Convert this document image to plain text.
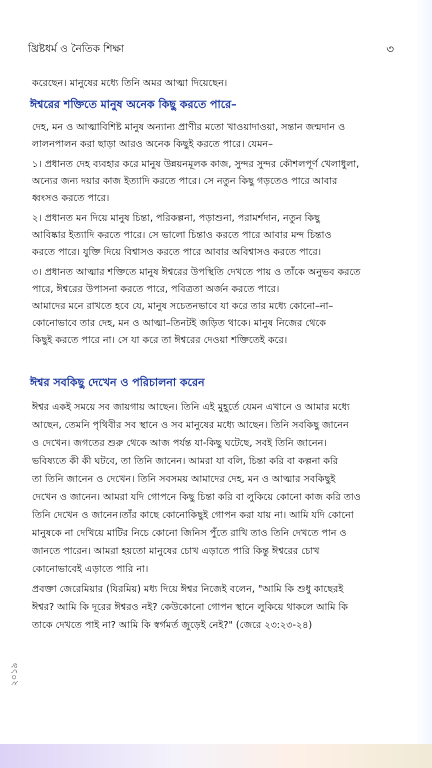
খ্রিষ্টধর্ম ও নৈতিক শিক্ষা	৩
করেছেন। মানুষের মধ্যে তিনি অমর আত্মা দিয়েছেন।
ঈশ্বরের শক্তিতে মানুষ অনেক কিছু করতে পারে–
দেহ, মন ও আত্মাবিশিষ্ট মানুষ অন্যান্য প্রাণীর মতো খাওয়াদাওয়া, সন্তান জন্মদান ও
লালনপালন করা ছাড়া আরও অনেক কিছুই করতে পারে। যেমন–
১। প্রধানত দেহ ব্যবহার করে মানুষ উন্নয়নমূলক কাজ, সুন্দর সুন্দর কৌশলপূর্ণ খেলাধুলা,
অন্যের জন্য দয়ার কাজ ইত্যাদি করতে পারে। সে নতুন কিছু গড়তেও পারে আবার
ধ্বংসও করতে পারে।
২। প্রধানত মন দিয়ে মানুষ চিন্তা, পরিকল্পনা, পড়াশুনা, পরামর্শদান, নতুন কিছু
আবিষ্কার ইত্যাদি করতে পারে। সে ভালো চিন্তাও করতে পারে আবার মন্দ চিন্তাও
করতে পারে। যুক্তি দিয়ে বিশ্বাসও করতে পারে আবার অবিশ্বাসও করতে পারে।
৩। প্রধানত আত্মার শক্তিতে মানুষ ঈশ্বরের উপস্থিতি দেখতে পায় ও তাঁকে অনুভব করতে
পারে, ঈশ্বরের উপাসনা করতে পারে, পবিত্রতা অর্জন করতে পারে।
আমাদের মনে রাখতে হবে যে, মানুষ সচেতনভাবে যা করে তার মধ্যে কোনো–না–
কোনোভাবে তার দেহ, মন ও আত্মা–তিনটই জড়িত থাকে। মানুষ নিজের থেকে
কিছুই করতে পারে না। সে যা করে তা ঈশ্বরের দেওয়া শক্তিতেই করে।
ঈশ্বর সবকিছু দেখেন ও পরিচালনা করেন
ঈশ্বর একই সময়ে সব জায়গায় আছেন। তিনি এই মুহূর্তে যেমন এখানে ও আমার মধ্যে
আছেন, তেমনি পৃথিবীর সব স্থানে ও সব মানুষের মধ্যে আছেন। তিনি সবকিছু জানেন
ও দেখেন। জগতের শুরু থেকে আজ পর্যন্ত যা-কিছু ঘটেছে, সবই তিনি জানেন।
ভবিষ্যতে কী কী ঘটবে, তা তিনি জানেন। আমরা যা বলি, চিন্তা করি বা কল্পনা করি
তা তিনি জানেন ও দেখেন। তিনি সবসময় আমাদের দেহ, মন ও আত্মার সবকিছুই
দেখেন ও জানেন। আমরা যদি গোপনে কিছু চিন্তা করি বা লুকিয়ে কোনো কাজ করি তাও
তিনি দেখেন ও জানেন।তাঁর কাছে কোনোকিছুই গোপন করা যায় না। আমি যদি কোনো
মানুষকে না দেখিয়ে মাটির নিচে কোনো জিনিস পুঁতে রাখি তাও তিনি দেখতে পান ও
জানতে পারেন। আমরা হয়তো মানুষের চোখ এড়াতে পারি কিন্তু ঈশ্বরের চোখ
কোনোভাবেই এড়াতে পারি না।
প্রবক্তা জেরেমিয়ার (যিরমিয়) মধ্য দিয়ে ঈশ্বর নিজেই বলেন, "আমি কি শুধু কাছেরই
ঈশ্বর? আমি কি দূরের ঈশ্বরও নই? কেউকোনো গোপন স্থানে লুকিয়ে থাকলে আমি কি
তাকে দেখতে পাই না? আমি কি স্বর্গমর্ত জুড়েই নেই?" (জেরে ২৩:২৩-২৪)
২০১৯
